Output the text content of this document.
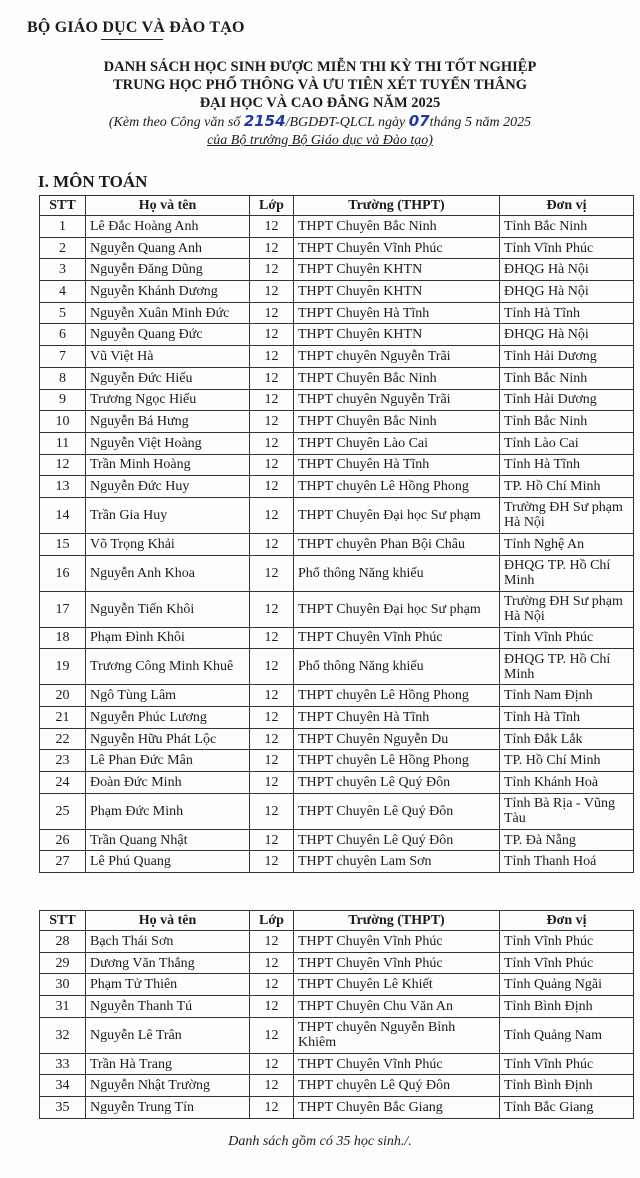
BỘ GIÁO DỤC VÀ ĐÀO TẠO
DANH SÁCH HỌC SINH ĐƯỢC MIỄN THI KỲ THI TỐT NGHIỆP
TRUNG HỌC PHỔ THÔNG VÀ ƯU TIÊN XÉT TUYỂN THẲNG
ĐẠI HỌC VÀ CAO ĐẲNG NĂM 2025
(Kèm theo Công văn số 2154/BGDĐT-QLCL ngày 07tháng 5 năm 2025
của Bộ trưởng Bộ Giáo dục và Đào tạo)
I. MÔN TOÁN
STT	Họ và tên	Lớp	Trường (THPT)	Đơn vị
1	Lê Đắc Hoàng Anh	12	THPT Chuyên Bắc Ninh	Tỉnh Bắc Ninh
2	Nguyễn Quang Anh	12	THPT Chuyên Vĩnh Phúc	Tỉnh Vĩnh Phúc
3	Nguyễn Đăng Dũng	12	THPT Chuyên KHTN	ĐHQG Hà Nội
4	Nguyễn Khánh Dương	12	THPT Chuyên KHTN	ĐHQG Hà Nội
5	Nguyễn Xuân Minh Đức	12	THPT Chuyên Hà Tĩnh	Tỉnh Hà Tĩnh
6	Nguyễn Quang Đức	12	THPT Chuyên KHTN	ĐHQG Hà Nội
7	Vũ Việt Hà	12	THPT chuyên Nguyễn Trãi	Tỉnh Hải Dương
8	Nguyễn Đức Hiếu	12	THPT Chuyên Bắc Ninh	Tỉnh Bắc Ninh
9	Trương Ngọc Hiếu	12	THPT chuyên Nguyễn Trãi	Tỉnh Hải Dương
10	Nguyễn Bá Hưng	12	THPT Chuyên Bắc Ninh	Tỉnh Bắc Ninh
11	Nguyễn Việt Hoàng	12	THPT Chuyên Lào Cai	Tỉnh Lào Cai
12	Trần Minh Hoàng	12	THPT Chuyên Hà Tĩnh	Tỉnh Hà Tĩnh
13	Nguyễn Đức Huy	12	THPT chuyên Lê Hồng Phong	TP. Hồ Chí Minh
14	Trần Gia Huy	12	THPT Chuyên Đại học Sư phạm	Trường ĐH Sư phạm Hà Nội
15	Võ Trọng Khải	12	THPT chuyên Phan Bội Châu	Tỉnh Nghệ An
16	Nguyễn Anh Khoa	12	Phổ thông Năng khiếu	ĐHQG TP. Hồ Chí Minh
17	Nguyễn Tiến Khôi	12	THPT Chuyên Đại học Sư phạm	Trường ĐH Sư phạm Hà Nội
18	Phạm Đình Khôi	12	THPT Chuyên Vĩnh Phúc	Tỉnh Vĩnh Phúc
19	Trương Công Minh Khuê	12	Phổ thông Năng khiếu	ĐHQG TP. Hồ Chí Minh
20	Ngô Tùng Lâm	12	THPT chuyên Lê Hồng Phong	Tỉnh Nam Định
21	Nguyễn Phúc Lương	12	THPT Chuyên Hà Tĩnh	Tỉnh Hà Tĩnh
22	Nguyễn Hữu Phát Lộc	12	THPT Chuyên Nguyễn Du	Tỉnh Đắk Lắk
23	Lê Phan Đức Mân	12	THPT chuyên Lê Hồng Phong	TP. Hồ Chí Minh
24	Đoàn Đức Minh	12	THPT chuyên Lê Quý Đôn	Tỉnh Khánh Hoà
25	Phạm Đức Minh	12	THPT Chuyên Lê Quý Đôn	Tỉnh Bà Rịa - Vũng Tàu
26	Trần Quang Nhật	12	THPT Chuyên Lê Quý Đôn	TP. Đà Nẵng
27	Lê Phú Quang	12	THPT chuyên Lam Sơn	Tỉnh Thanh Hoá
STT	Họ và tên	Lớp	Trường (THPT)	Đơn vị
28	Bạch Thái Sơn	12	THPT Chuyên Vĩnh Phúc	Tỉnh Vĩnh Phúc
29	Dương Văn Thắng	12	THPT Chuyên Vĩnh Phúc	Tỉnh Vĩnh Phúc
30	Phạm Tử Thiên	12	THPT Chuyên Lê Khiết	Tỉnh Quảng Ngãi
31	Nguyễn Thanh Tú	12	THPT Chuyên Chu Văn An	Tỉnh Bình Định
32	Nguyễn Lê Trân	12	THPT chuyên Nguyễn Bỉnh Khiêm	Tỉnh Quảng Nam
33	Trần Hà Trang	12	THPT Chuyên Vĩnh Phúc	Tỉnh Vĩnh Phúc
34	Nguyễn Nhật Trường	12	THPT chuyên Lê Quý Đôn	Tỉnh Bình Định
35	Nguyễn Trung Tín	12	THPT Chuyên Bắc Giang	Tỉnh Bắc Giang
Danh sách gồm có 35 học sinh./.
